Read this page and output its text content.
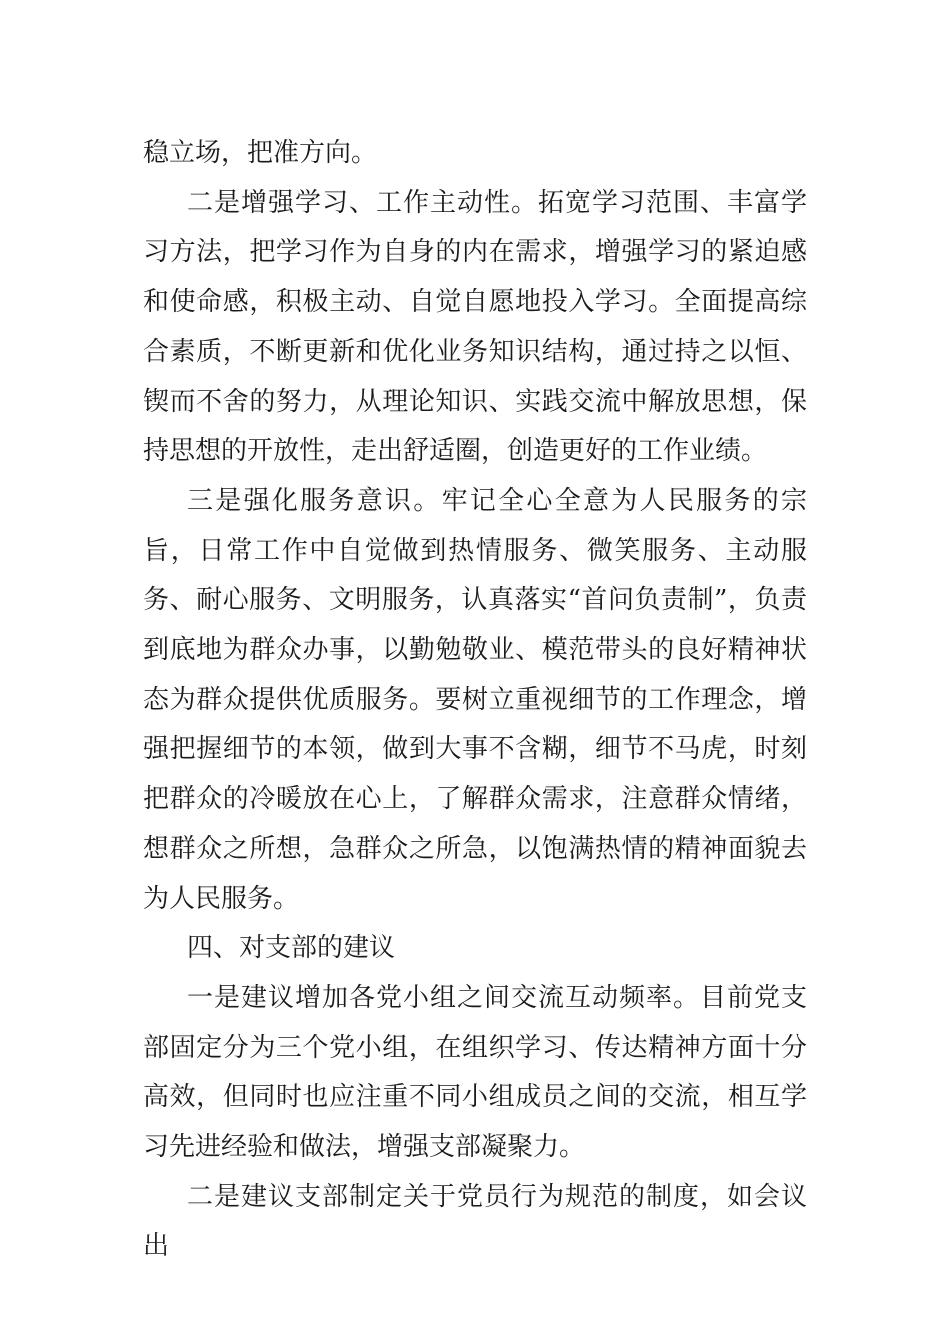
稳立场，把准方向。

二是增强学习、工作主动性。拓宽学习范围、丰富学习方法，把学习作为自身的内在需求，增强学习的紧迫感和使命感，积极主动、自觉自愿地投入学习。全面提高综合素质，不断更新和优化业务知识结构，通过持之以恒、锲而不舍的努力，从理论知识、实践交流中解放思想，保持思想的开放性，走出舒适圈，创造更好的工作业绩。

三是强化服务意识。牢记全心全意为人民服务的宗旨，日常工作中自觉做到热情服务、微笑服务、主动服务、耐心服务、文明服务，认真落实“首问负责制”，负责到底地为群众办事，以勤勉敬业、模范带头的良好精神状态为群众提供优质服务。要树立重视细节的工作理念，增强把握细节的本领，做到大事不含糊，细节不马虎，时刻把群众的冷暖放在心上，了解群众需求，注意群众情绪，想群众之所想，急群众之所急，以饱满热情的精神面貌去为人民服务。

四、对支部的建议

一是建议增加各党小组之间交流互动频率。目前党支部固定分为三个党小组，在组织学习、传达精神方面十分高效，但同时也应注重不同小组成员之间的交流，相互学习先进经验和做法，增强支部凝聚力。

二是建议支部制定关于党员行为规范的制度，如会议出
